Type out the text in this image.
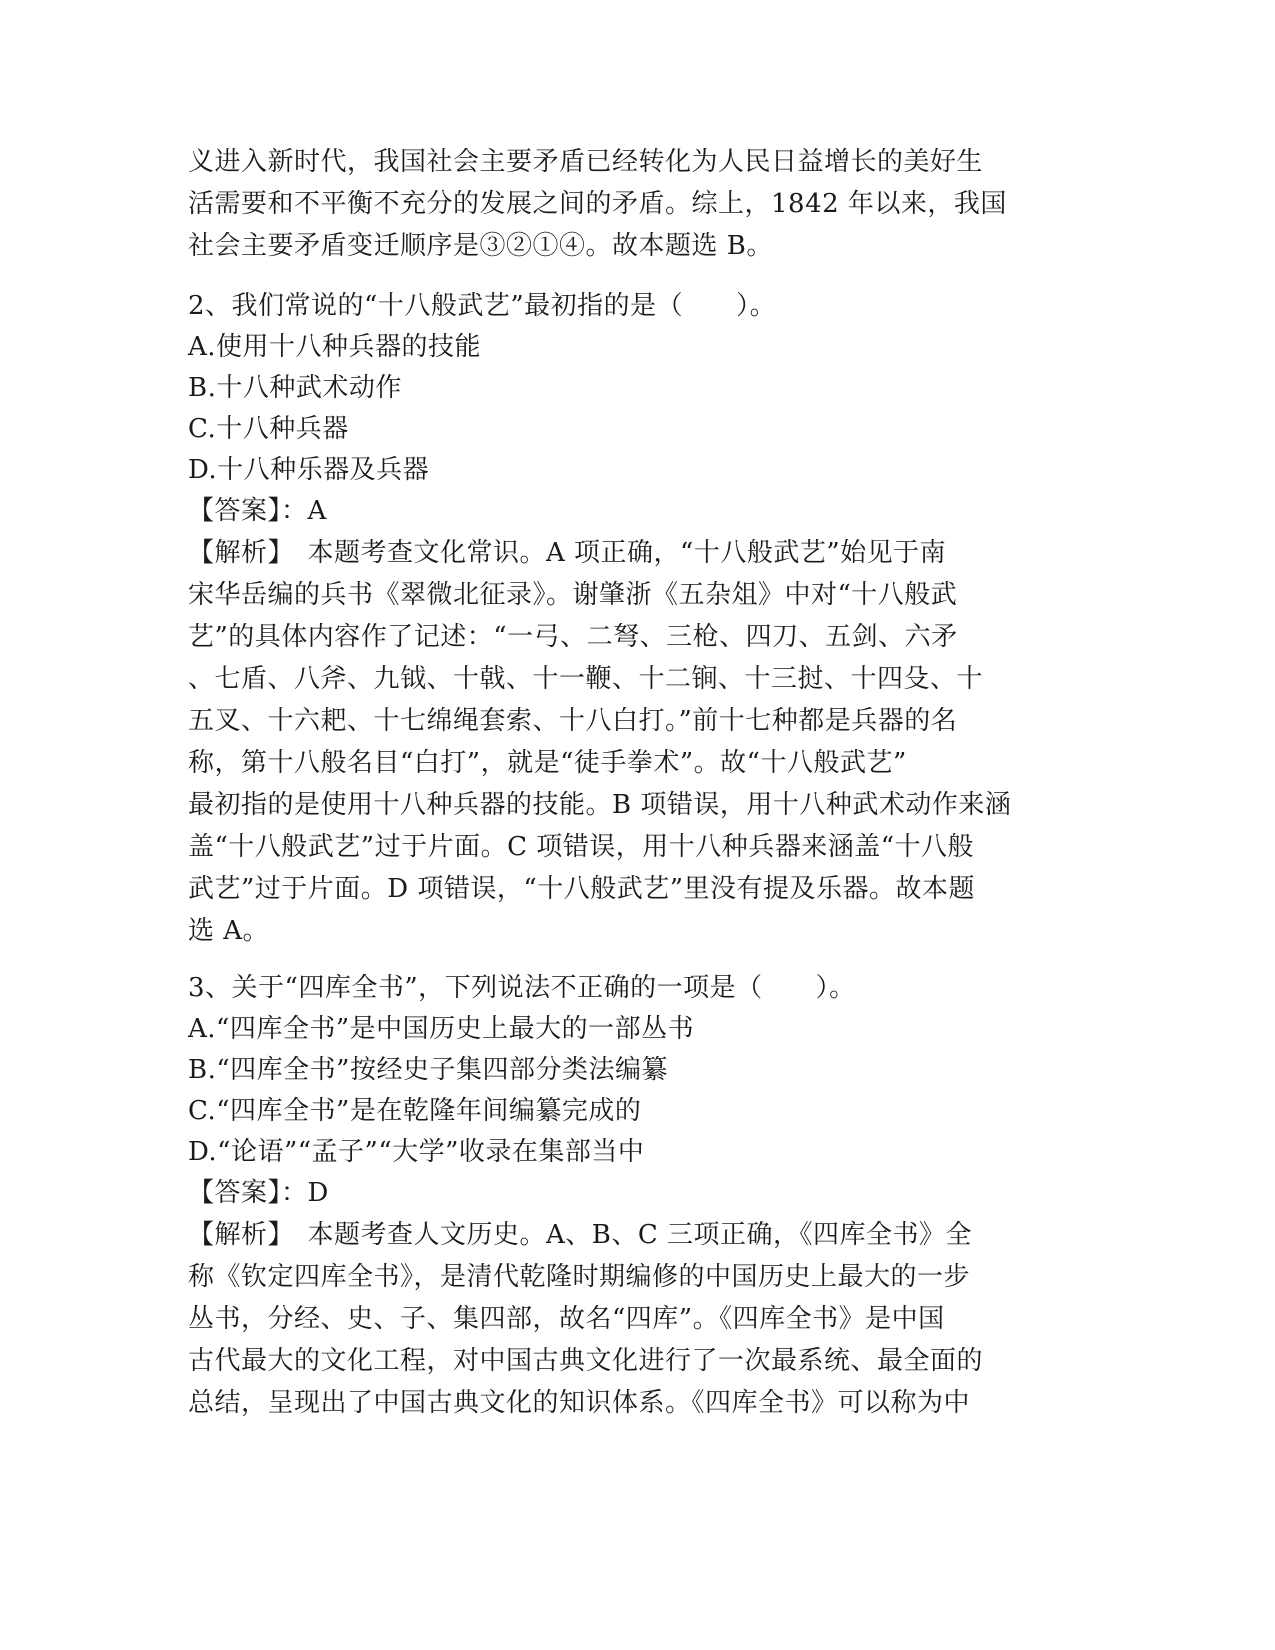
义进入新时代，我国社会主要矛盾已经转化为人民日益增长的美好生
活需要和不平衡不充分的发展之间的矛盾。综上，1842 年以来，我国
社会主要矛盾变迁顺序是③②①④。故本题选 B。
2、我们常说的“十八般武艺”最初指的是（　　）。
A.使用十八种兵器的技能
B.十八种武术动作
C.十八种兵器
D.十八种乐器及兵器
【答案】：A
【解析】　本题考查文化常识。A 项正确，“十八般武艺”始见于南
宋华岳编的兵书《翠微北征录》。谢肇浙《五杂俎》中对“十八般武
艺”的具体内容作了记述：“一弓、二弩、三枪、四刀、五剑、六矛
、七盾、八斧、九钺、十戟、十一鞭、十二锏、十三挝、十四殳、十
五叉、十六耙、十七绵绳套索、十八白打。”前十七种都是兵器的名
称，第十八般名目“白打”，就是“徒手拳术”。故“十八般武艺”
最初指的是使用十八种兵器的技能。B 项错误，用十八种武术动作来涵
盖“十八般武艺”过于片面。C 项错误，用十八种兵器来涵盖“十八般
武艺”过于片面。D 项错误，“十八般武艺”里没有提及乐器。故本题
选 A。
3、关于“四库全书”，下列说法不正确的一项是（　　）。
A.“四库全书”是中国历史上最大的一部丛书
B.“四库全书”按经史子集四部分类法编纂
C.“四库全书”是在乾隆年间编纂完成的
D.“论语”“孟子”“大学”收录在集部当中
【答案】：D
【解析】　本题考查人文历史。A、B、C 三项正确，《四库全书》全
称《钦定四库全书》，是清代乾隆时期编修的中国历史上最大的一步
丛书，分经、史、子、集四部，故名“四库”。《四库全书》是中国
古代最大的文化工程，对中国古典文化进行了一次最系统、最全面的
总结，呈现出了中国古典文化的知识体系。《四库全书》可以称为中
